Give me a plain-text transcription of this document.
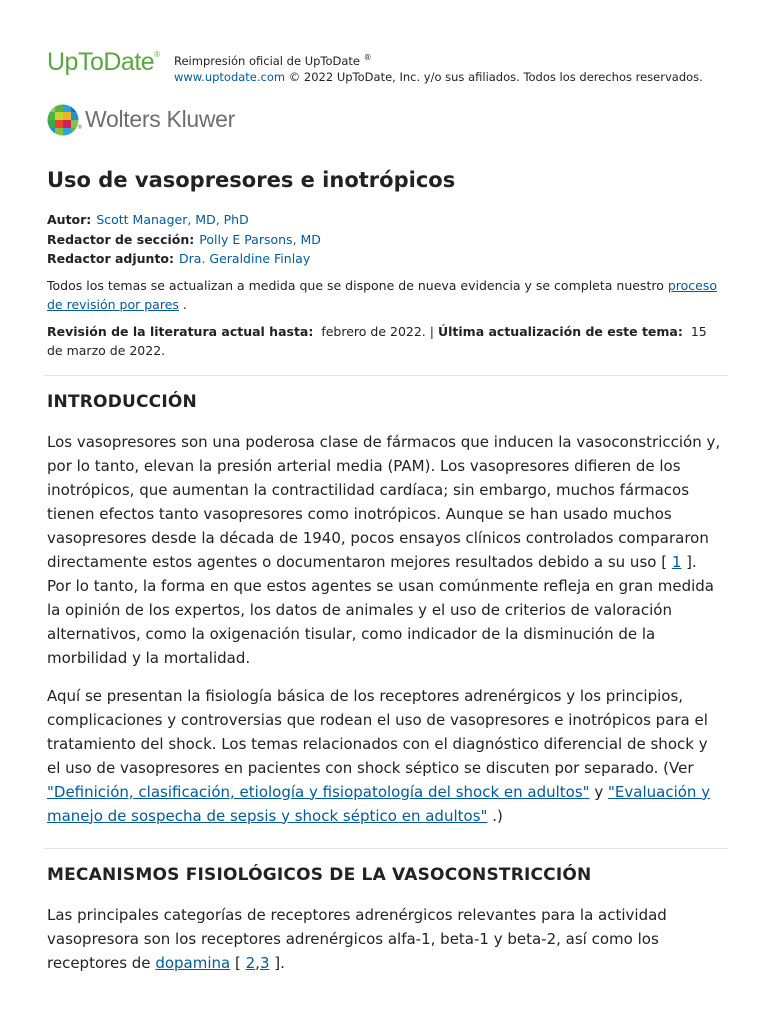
UpToDate® Reimpresión oficial de UpToDate ®
www.uptodate.com © 2022 UpToDate, Inc. y/o sus afiliados. Todos los derechos reservados.
® Wolters Kluwer
Uso de vasopresores e inotrópicos
Autor: Scott Manager, MD, PhD
Redactor de sección: Polly E Parsons, MD
Redactor adjunto: Dra. Geraldine Finlay
Todos los temas se actualizan a medida que se dispone de nueva evidencia y se completa nuestro proceso de revisión por pares .
Revisión de la literatura actual hasta: febrero de 2022. | Última actualización de este tema: 15 de marzo de 2022.
INTRODUCCIÓN

Los vasopresores son una poderosa clase de fármacos que inducen la vasoconstricción y, por lo tanto, elevan la presión arterial media (PAM). Los vasopresores difieren de los inotrópicos, que aumentan la contractilidad cardíaca; sin embargo, muchos fármacos tienen efectos tanto vasopresores como inotrópicos. Aunque se han usado muchos vasopresores desde la década de 1940, pocos ensayos clínicos controlados compararon directamente estos agentes o documentaron mejores resultados debido a su uso [ 1 ]. Por lo tanto, la forma en que estos agentes se usan comúnmente refleja en gran medida la opinión de los expertos, los datos de animales y el uso de criterios de valoración alternativos, como la oxigenación tisular, como indicador de la disminución de la morbilidad y la mortalidad.

Aquí se presentan la fisiología básica de los receptores adrenérgicos y los principios, complicaciones y controversias que rodean el uso de vasopresores e inotrópicos para el tratamiento del shock. Los temas relacionados con el diagnóstico diferencial de shock y el uso de vasopresores en pacientes con shock séptico se discuten por separado. (Ver
"Definición, clasificación, etiología y fisiopatología del shock en adultos" y "Evaluación y manejo de sospecha de sepsis y shock séptico en adultos" .)

MECANISMOS FISIOLÓGICOS DE LA VASOCONSTRICCIÓN

Las principales categorías de receptores adrenérgicos relevantes para la actividad vasopresora son los receptores adrenérgicos alfa-1, beta-1 y beta-2, así como los receptores de dopamina [ 2,3 ].
